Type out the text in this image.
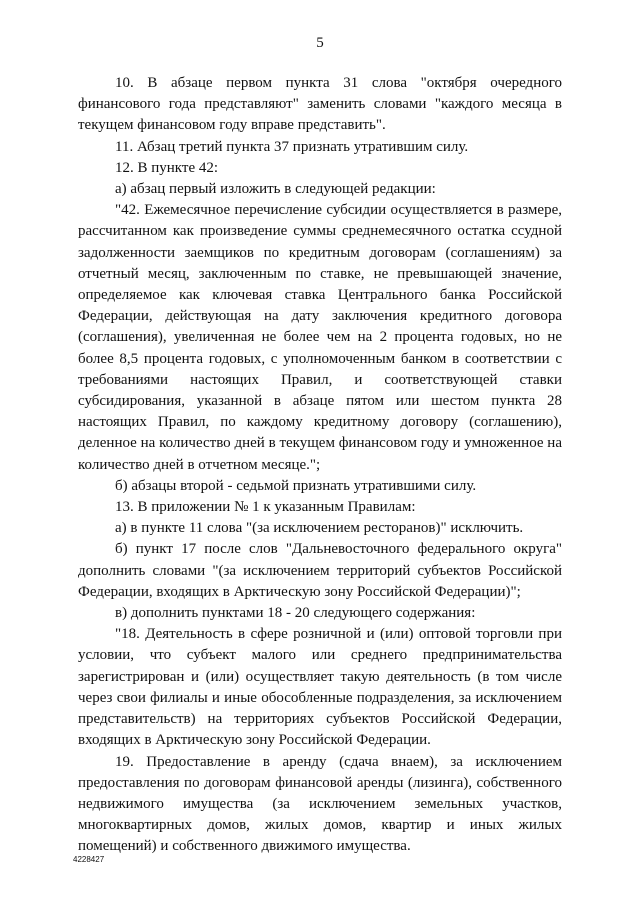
5

10. В абзаце первом пункта 31 слова "октября очередного финансового года представляют" заменить словами "каждого месяца в текущем финансовом году вправе представить".

11. Абзац третий пункта 37 признать утратившим силу.

12. В пункте 42:

а) абзац первый изложить в следующей редакции:

"42. Ежемесячное перечисление субсидии осуществляется в размере, рассчитанном как произведение суммы среднемесячного остатка ссудной задолженности заемщиков по кредитным договорам (соглашениям) за отчетный месяц, заключенным по ставке, не превышающей значение, определяемое как ключевая ставка Центрального банка Российской Федерации, действующая на дату заключения кредитного договора (соглашения), увеличенная не более чем на 2 процента годовых, но не более 8,5 процента годовых, с уполномоченным банком в соответствии с требованиями настоящих Правил, и соответствующей ставки субсидирования, указанной в абзаце пятом или шестом пункта 28 настоящих Правил, по каждому кредитному договору (соглашению), деленное на количество дней в текущем финансовом году и умноженное на количество дней в отчетном месяце.";

б) абзацы второй - седьмой признать утратившими силу.

13. В приложении № 1 к указанным Правилам:

а) в пункте 11 слова "(за исключением ресторанов)" исключить.

б) пункт 17 после слов "Дальневосточного федерального округа" дополнить словами "(за исключением территорий субъектов Российской Федерации, входящих в Арктическую зону Российской Федерации)";

в) дополнить пунктами 18 - 20 следующего содержания:

"18. Деятельность в сфере розничной и (или) оптовой торговли при условии, что субъект малого или среднего предпринимательства зарегистрирован и (или) осуществляет такую деятельность (в том числе через свои филиалы и иные обособленные подразделения, за исключением представительств) на территориях субъектов Российской Федерации, входящих в Арктическую зону Российской Федерации.

19. Предоставление в аренду (сдача внаем), за исключением предоставления по договорам финансовой аренды (лизинга), собственного недвижимого имущества (за исключением земельных участков, многоквартирных домов, жилых домов, квартир и иных жилых помещений) и собственного движимого имущества.

4228427
